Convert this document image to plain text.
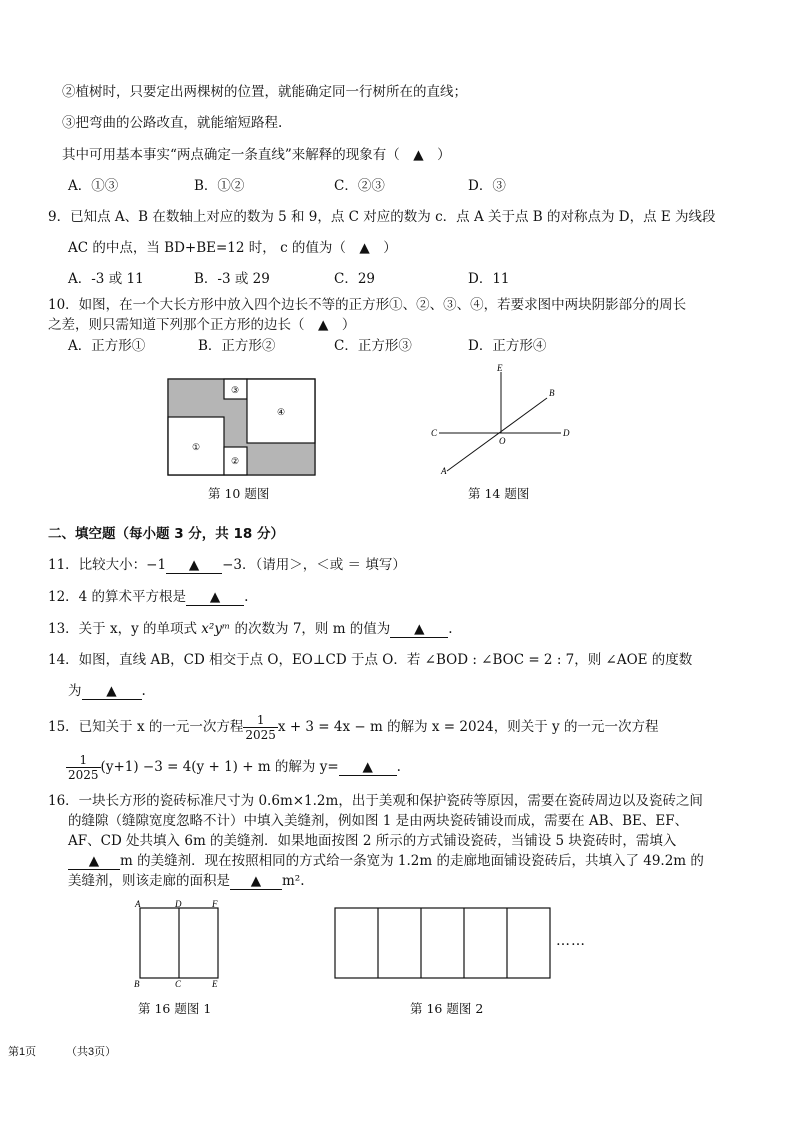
②植树时，只要定出两棵树的位置，就能确定同一行树所在的直线；
③把弯曲的公路改直，就能缩短路程.
其中可用基本事实“两点确定一条直线”来解释的现象有（　▲　）
A．①③	B．①②	C．②③	D．③
9．已知点 A、B 在数轴上对应的数为 5 和 9，点 C 对应的数为 c．点 A 关于点 B 的对称点为 D，点 E 为线段
AC 的中点，当 BD+BE=12 时， c 的值为（　▲　）
A．-3 或 11	B．-3 或 29	C．29	D．11
10．如图，在一个大长方形中放入四个边长不等的正方形①、②、③、④，若要求图中两块阴影部分的周长
之差，则只需知道下列那个正方形的边长（　▲　）
A．正方形①	B．正方形②	C．正方形③	D．正方形④
①
②
③
④
第 10 题图
E
B
C
O
D
A
第 14 题图
二、填空题（每小题 3 分，共 18 分）
11．比较大小：−1 ▲ −3．（请用＞，＜或 ＝ 填写）
12．4 的算术平方根是 ▲ .
13．关于 x，y 的单项式 x²yᵐ 的次数为 7，则 m 的值为 ▲ .
14．如图，直线 AB，CD 相交于点 O，EO⊥CD 于点 O．若 ∠BOD : ∠BOC = 2 : 7，则 ∠AOE 的度数
为 ▲ .
15．已知关于 x 的一元一次方程 $\frac{1}{2025}$ x + 3 = 4x − m 的解为 x = 2024，则关于 y 的一元一次方程
$\frac{1}{2025} (y+1) -3 = 4(y + 1) + m$ 的解为 y= ▲ .
16．一块长方形的瓷砖标准尺寸为 0.6m×1.2m，出于美观和保护瓷砖等原因，需要在瓷砖周边以及瓷砖之间
的缝隙（缝隙宽度忽略不计）中填入美缝剂，例如图 1 是由两块瓷砖铺设而成，需要在 AB、BE、EF、
AF、CD 处共填入 6m 的美缝剂．如果地面按图 2 所示的方式铺设瓷砖，当铺设 5 块瓷砖时，需填入
▲ m 的美缝剂．现在按照相同的方式给一条宽为 1.2m 的走廊地面铺设瓷砖后，共填入了 49.2m 的
美缝剂，则该走廊的面积是 ▲ m².
A	D	F
B	C	E
第 16 题图 1
……
第 16 题图 2
第1页	（共3页）
